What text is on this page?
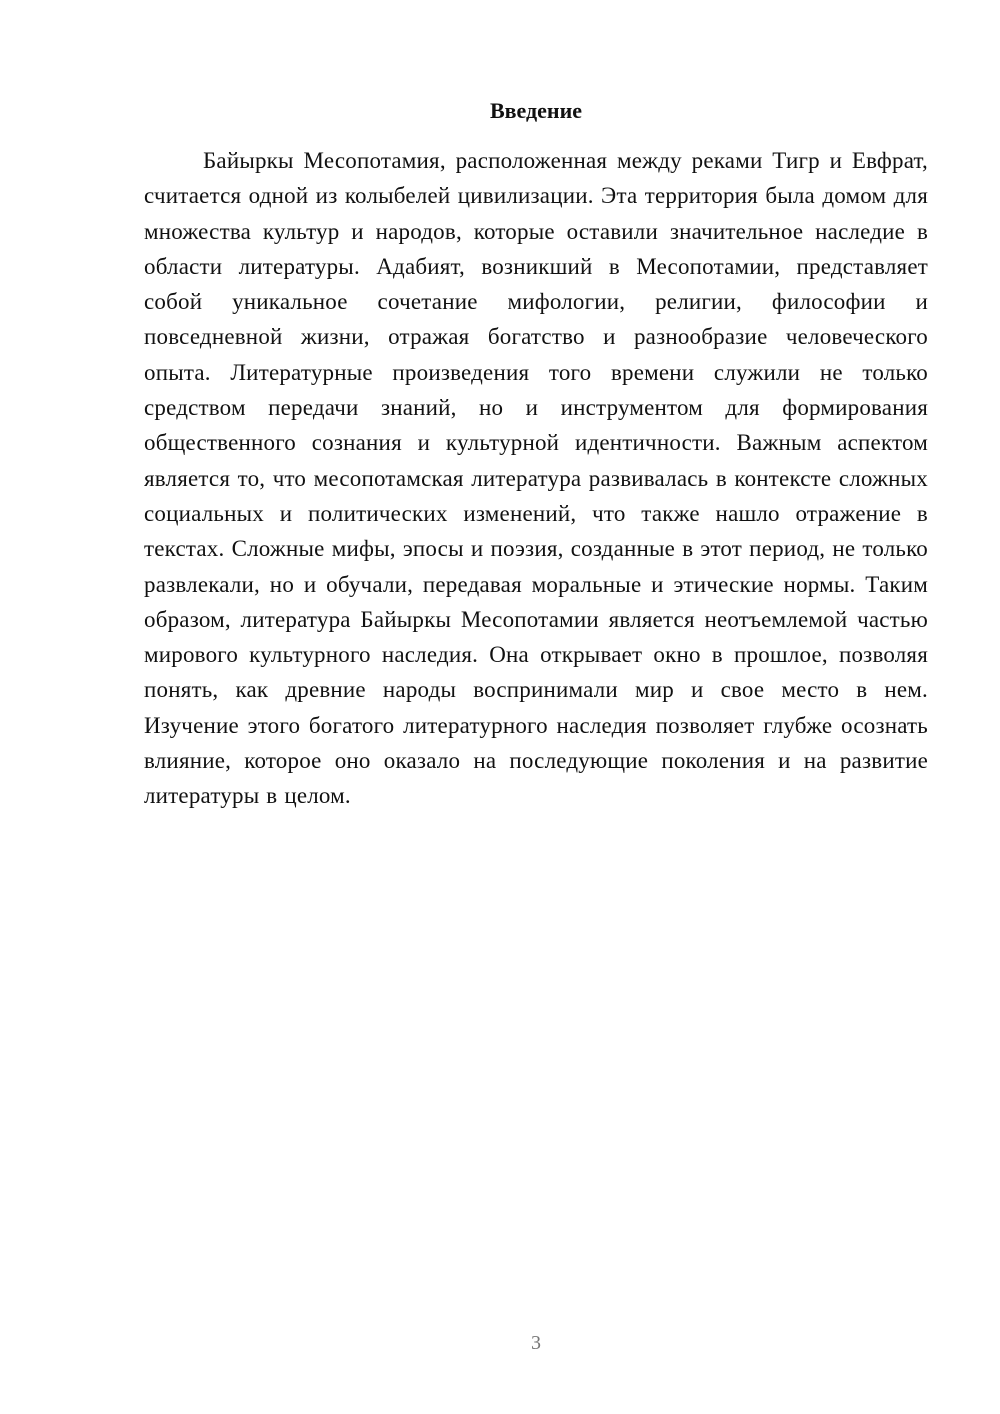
Введение

Байыркы Месопотамия, расположенная между реками Тигр и Евфрат, считается одной из колыбелей цивилизации. Эта территория была домом для множества культур и народов, которые оставили значительное наследие в области литературы. Адабият, возникший в Месопотамии, представляет собой уникальное сочетание мифологии, религии, философии и повседневной жизни, отражая богатство и разнообразие человеческого опыта. Литературные произведения того времени служили не только средством передачи знаний, но и инструментом для формирования общественного сознания и культурной идентичности. Важным аспектом является то, что месопотамская литература развивалась в контексте сложных социальных и политических изменений, что также нашло отражение в текстах. Сложные мифы, эпосы и поэзия, созданные в этот период, не только развлекали, но и обучали, передавая моральные и этические нормы. Таким образом, литература Байыркы Месопотамии является неотъемлемой частью мирового культурного наследия. Она открывает окно в прошлое, позволяя понять, как древние народы воспринимали мир и свое место в нем. Изучение этого богатого литературного наследия позволяет глубже осознать влияние, которое оно оказало на последующие поколения и на развитие литературы в целом.

3
